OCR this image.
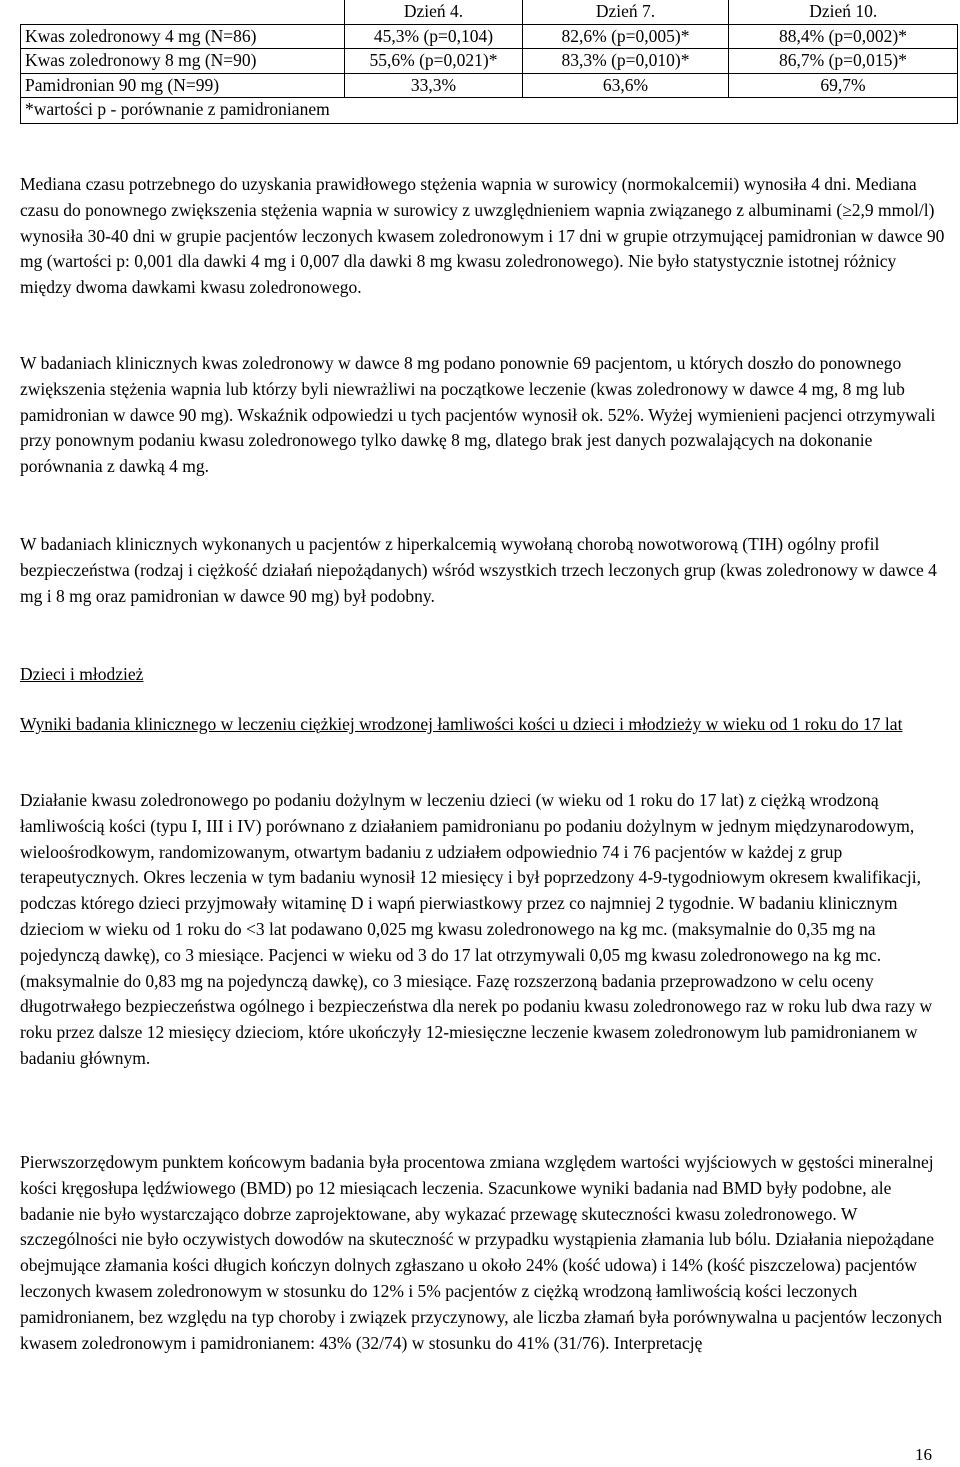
	Dzień 4.	Dzień 7.	Dzień 10.
Kwas zoledronowy 4 mg (N=86)	45,3% (p=0,104)	82,6% (p=0,005)*	88,4% (p=0,002)*
Kwas zoledronowy 8 mg (N=90)	55,6% (p=0,021)*	83,3% (p=0,010)*	86,7% (p=0,015)*
Pamidronian 90 mg (N=99)	33,3%	63,6%	69,7%
*wartości p - porównanie z pamidronianem			

Mediana czasu potrzebnego do uzyskania prawidłowego stężenia wapnia w surowicy (normokalcemii) wynosiła 4 dni. Mediana czasu do ponownego zwiększenia stężenia wapnia w surowicy z uwzględnieniem wapnia związanego z albuminami (≥2,9 mmol/l) wynosiła 30-40 dni w grupie pacjentów leczonych kwasem zoledronowym i 17 dni w grupie otrzymującej pamidronian w dawce 90 mg (wartości p: 0,001 dla dawki 4 mg i 0,007 dla dawki 8 mg kwasu zoledronowego). Nie było statystycznie istotnej różnicy między dwoma dawkami kwasu zoledronowego.

W badaniach klinicznych kwas zoledronowy w dawce 8 mg podano ponownie 69 pacjentom, u których doszło do ponownego zwiększenia stężenia wapnia lub którzy byli niewrażliwi na początkowe leczenie (kwas zoledronowy w dawce 4 mg, 8 mg lub pamidronian w dawce 90 mg). Wskaźnik odpowiedzi u tych pacjentów wynosił ok. 52%. Wyżej wymienieni pacjenci otrzymywali przy ponownym podaniu kwasu zoledronowego tylko dawkę 8 mg, dlatego brak jest danych pozwalających na dokonanie porównania z dawką 4 mg.

W badaniach klinicznych wykonanych u pacjentów z hiperkalcemią wywołaną chorobą nowotworową (TIH) ogólny profil bezpieczeństwa (rodzaj i ciężkość działań niepożądanych) wśród wszystkich trzech leczonych grup (kwas zoledronowy w dawce 4 mg i 8 mg oraz pamidronian w dawce 90 mg) był podobny.

Dzieci i młodzież

Wyniki badania klinicznego w leczeniu ciężkiej wrodzonej łamliwości kości u dzieci i młodzieży w wieku od 1 roku do 17 lat

Działanie kwasu zoledronowego po podaniu dożylnym w leczeniu dzieci (w wieku od 1 roku do 17 lat) z ciężką wrodzoną łamliwością kości (typu I, III i IV) porównano z działaniem pamidronianu po podaniu dożylnym w jednym międzynarodowym, wieloośrodkowym, randomizowanym, otwartym badaniu z udziałem odpowiednio 74 i 76 pacjentów w każdej z grup terapeutycznych. Okres leczenia w tym badaniu wynosił 12 miesięcy i był poprzedzony 4-9-tygodniowym okresem kwalifikacji, podczas którego dzieci przyjmowały witaminę D i wapń pierwiastkowy przez co najmniej 2 tygodnie. W badaniu klinicznym dzieciom w wieku od 1 roku do <3 lat podawano 0,025 mg kwasu zoledronowego na kg mc. (maksymalnie do 0,35 mg na pojedynczą dawkę), co 3 miesiące. Pacjenci w wieku od 3 do 17 lat otrzymywali 0,05 mg kwasu zoledronowego na kg mc. (maksymalnie do 0,83 mg na pojedynczą dawkę), co 3 miesiące. Fazę rozszerzoną badania przeprowadzono w celu oceny długotrwałego bezpieczeństwa ogólnego i bezpieczeństwa dla nerek po podaniu kwasu zoledronowego raz w roku lub dwa razy w roku przez dalsze 12 miesięcy dzieciom, które ukończyły 12-miesięczne leczenie kwasem zoledronowym lub pamidronianem w badaniu głównym.

Pierwszorzędowym punktem końcowym badania była procentowa zmiana względem wartości wyjściowych w gęstości mineralnej kości kręgosłupa lędźwiowego (BMD) po 12 miesiącach leczenia. Szacunkowe wyniki badania nad BMD były podobne, ale badanie nie było wystarczająco dobrze zaprojektowane, aby wykazać przewagę skuteczności kwasu zoledronowego. W szczególności nie było oczywistych dowodów na skuteczność w przypadku wystąpienia złamania lub bólu. Działania niepożądane obejmujące złamania kości długich kończyn dolnych zgłaszano u około 24% (kość udowa) i 14% (kość piszczelowa) pacjentów leczonych kwasem zoledronowym w stosunku do 12% i 5% pacjentów z ciężką wrodzoną łamliwością kości leczonych pamidronianem, bez względu na typ choroby i związek przyczynowy, ale liczba złamań była porównywalna u pacjentów leczonych kwasem zoledronowym i pamidronianem: 43% (32/74) w stosunku do 41% (31/76). Interpretację

16
